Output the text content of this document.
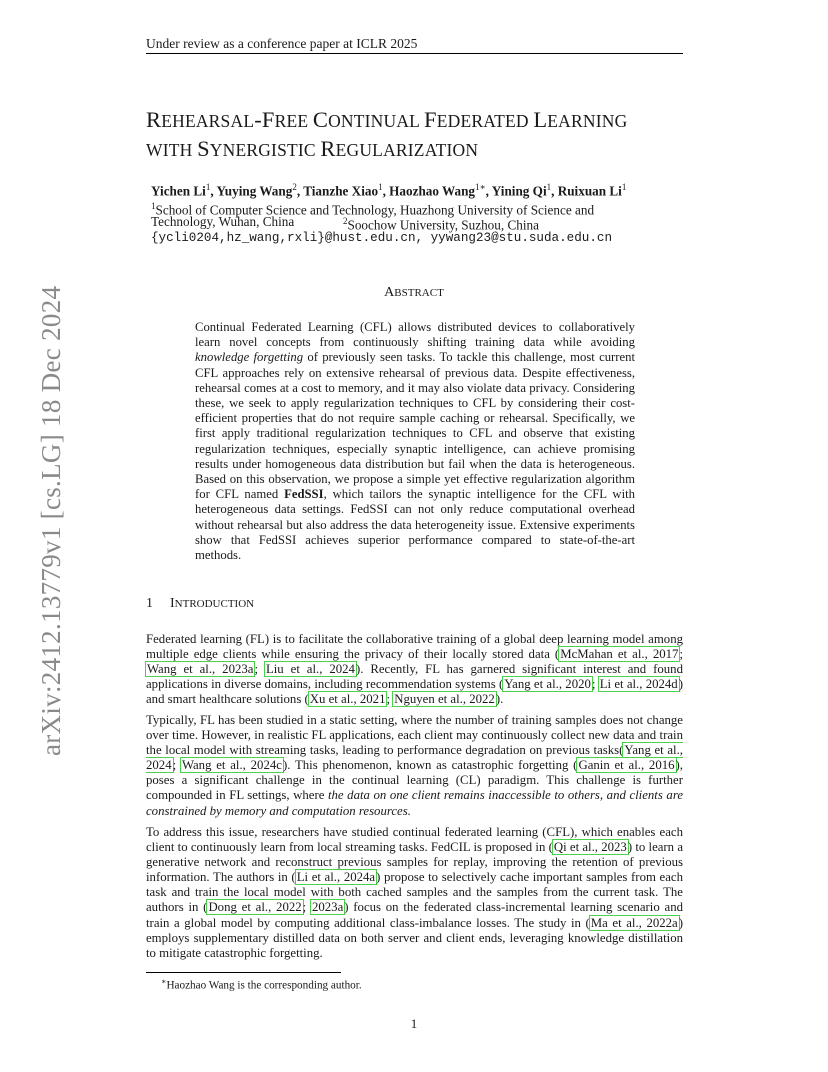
Under review as a conference paper at ICLR 2025
arXiv:2412.13779v1 [cs.LG] 18 Dec 2024
REHEARSAL-FREE CONTINUAL FEDERATED LEARNING
WITH SYNERGISTIC REGULARIZATION
Yichen Li$^1$, Yuying Wang$^2$, Tianzhe Xiao$^1$, Haozhao Wang$^{1∗}$, Yining Qi$^1$, Ruixuan Li$^1$
$^1$School of Computer Science and Technology, Huazhong University of Science and
Technology, Wuhan, China	$^2$Soochow University, Suzhou, China
{ycli0204,hz_wang,rxli}@hust.edu.cn, yywang23@stu.suda.edu.cn
ABSTRACT
Continual Federated Learning (CFL) allows distributed devices to collaboratively learn novel concepts from continuously shifting training data while avoiding knowledge forgetting of previously seen tasks. To tackle this challenge, most current CFL approaches rely on extensive rehearsal of previous data. Despite effectiveness, rehearsal comes at a cost to memory, and it may also violate data privacy. Considering these, we seek to apply regularization techniques to CFL by considering their cost-efficient properties that do not require sample caching or rehearsal. Specifically, we first apply traditional regularization techniques to CFL and observe that existing regularization techniques, especially synaptic intelligence, can achieve promising results under homogeneous data distribution but fail when the data is heterogeneous. Based on this observation, we propose a simple yet effective regularization algorithm for CFL named FedSSI, which tailors the synaptic intelligence for the CFL with heterogeneous data settings. FedSSI can not only reduce computational overhead without rehearsal but also address the data heterogeneity issue. Extensive experiments show that FedSSI achieves superior performance compared to state-of-the-art methods.
1 INTRODUCTION
Federated learning (FL) is to facilitate the collaborative training of a global deep learning model among multiple edge clients while ensuring the privacy of their locally stored data (McMahan et al., 2017; Wang et al., 2023a; Liu et al., 2024). Recently, FL has garnered significant interest and found applications in diverse domains, including recommendation systems (Yang et al., 2020; Li et al., 2024d) and smart healthcare solutions (Xu et al., 2021; Nguyen et al., 2022).
Typically, FL has been studied in a static setting, where the number of training samples does not change over time. However, in realistic FL applications, each client may continuously collect new data and train the local model with streaming tasks, leading to performance degradation on previous tasks(Yang et al., 2024; Wang et al., 2024c). This phenomenon, known as catastrophic forgetting (Ganin et al., 2016), poses a significant challenge in the continual learning (CL) paradigm. This challenge is further compounded in FL settings, where the data on one client remains inaccessible to others, and clients are constrained by memory and computation resources.
To address this issue, researchers have studied continual federated learning (CFL), which enables each client to continuously learn from local streaming tasks. FedCIL is proposed in (Qi et al., 2023) to learn a generative network and reconstruct previous samples for replay, improving the retention of previous information. The authors in (Li et al., 2024a) propose to selectively cache important samples from each task and train the local model with both cached samples and the samples from the current task. The authors in (Dong et al., 2022; 2023a) focus on the federated class-incremental learning scenario and train a global model by computing additional class-imbalance losses. The study in (Ma et al., 2022a) employs supplementary distilled data on both server and client ends, leveraging knowledge distillation to mitigate catastrophic forgetting.
∗Haozhao Wang is the corresponding author.
1
